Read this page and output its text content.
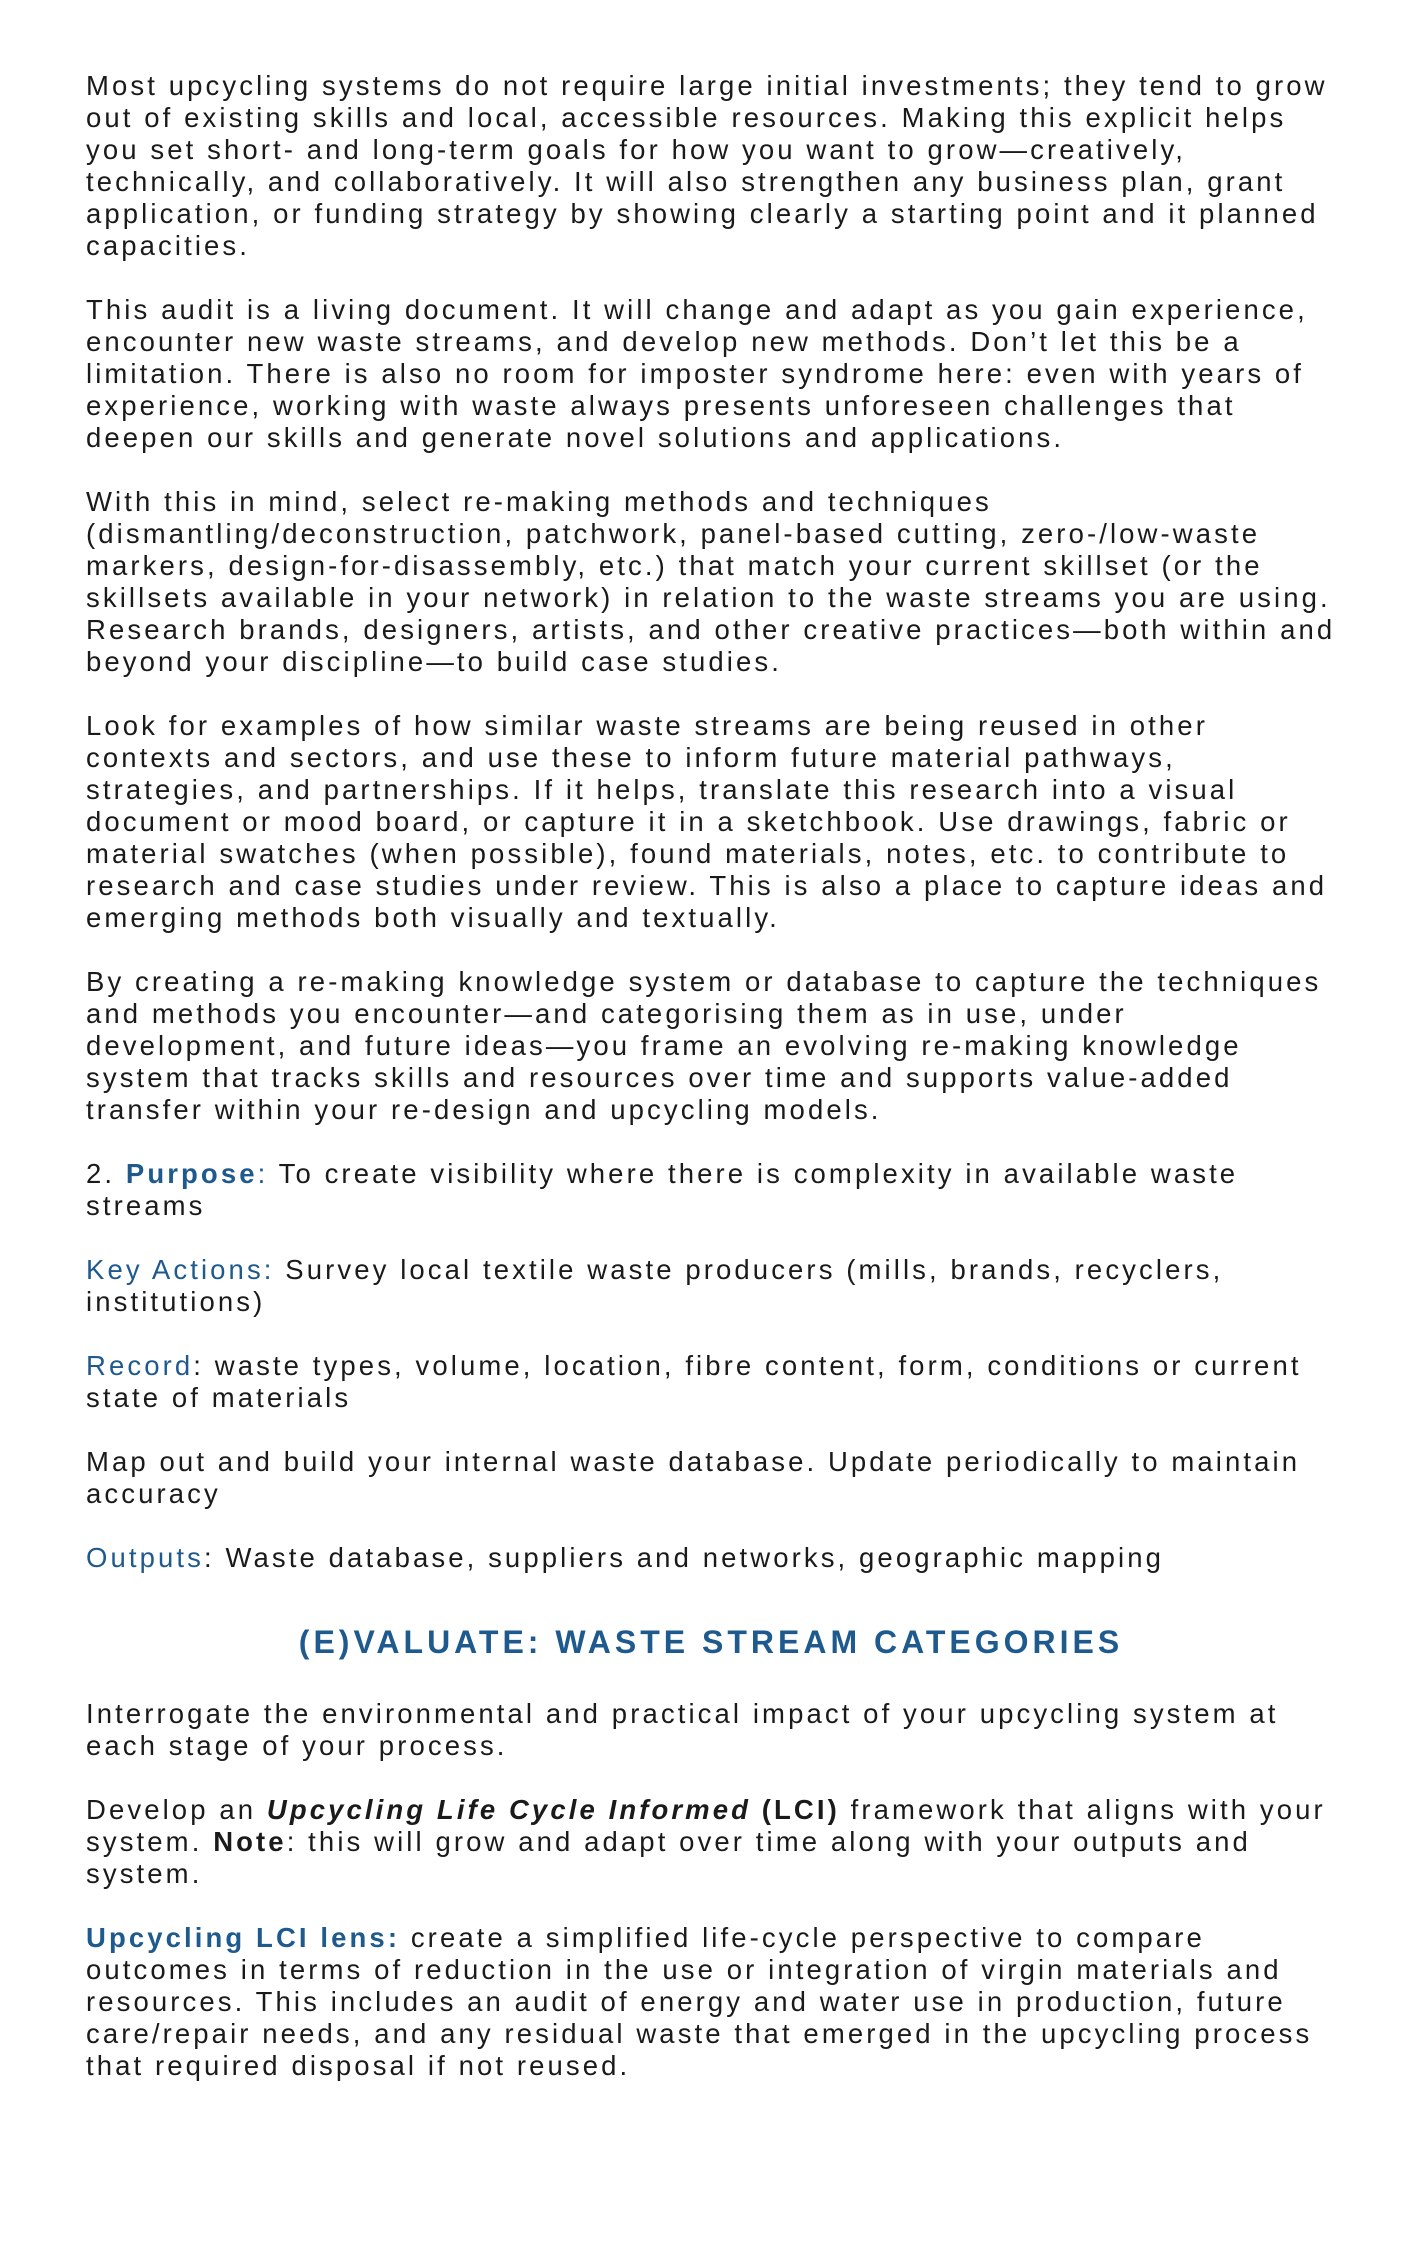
Most upcycling systems do not require large initial investments; they tend to grow out of existing skills and local, accessible resources. Making this explicit helps you set short- and long-term goals for how you want to grow—creatively, technically, and collaboratively. It will also strengthen any business plan, grant application, or funding strategy by showing clearly a starting point and it planned capacities.

This audit is a living document. It will change and adapt as you gain experience, encounter new waste streams, and develop new methods. Don’t let this be a limitation. There is also no room for imposter syndrome here: even with years of experience, working with waste always presents unforeseen challenges that deepen our skills and generate novel solutions and applications.

With this in mind, select re-making methods and techniques (dismantling/deconstruction, patchwork, panel-based cutting, zero-/low-waste markers, design-for-disassembly, etc.) that match your current skillset (or the skillsets available in your network) in relation to the waste streams you are using. Research brands, designers, artists, and other creative practices—both within and beyond your discipline—to build case studies.

Look for examples of how similar waste streams are being reused in other contexts and sectors, and use these to inform future material pathways, strategies, and partnerships. If it helps, translate this research into a visual document or mood board, or capture it in a sketchbook. Use drawings, fabric or material swatches (when possible), found materials, notes, etc. to contribute to research and case studies under review. This is also a place to capture ideas and emerging methods both visually and textually.

By creating a re-making knowledge system or database to capture the techniques and methods you encounter—and categorising them as in use, under development, and future ideas—you frame an evolving re-making knowledge system that tracks skills and resources over time and supports value-added transfer within your re-design and upcycling models.

2. Purpose: To create visibility where there is complexity in available waste streams

Key Actions: Survey local textile waste producers (mills, brands, recyclers, institutions)

Record: waste types, volume, location, fibre content, form, conditions or current state of materials

Map out and build your internal waste database. Update periodically to maintain accuracy

Outputs: Waste database, suppliers and networks, geographic mapping

(E)VALUATE: WASTE STREAM CATEGORIES

Interrogate the environmental and practical impact of your upcycling system at each stage of your process.

Develop an Upcycling Life Cycle Informed (LCI) framework that aligns with your system. Note: this will grow and adapt over time along with your outputs and system.

Upcycling LCI lens: create a simplified life-cycle perspective to compare outcomes in terms of reduction in the use or integration of virgin materials and resources. This includes an audit of energy and water use in production, future care/repair needs, and any residual waste that emerged in the upcycling process that required disposal if not reused.
